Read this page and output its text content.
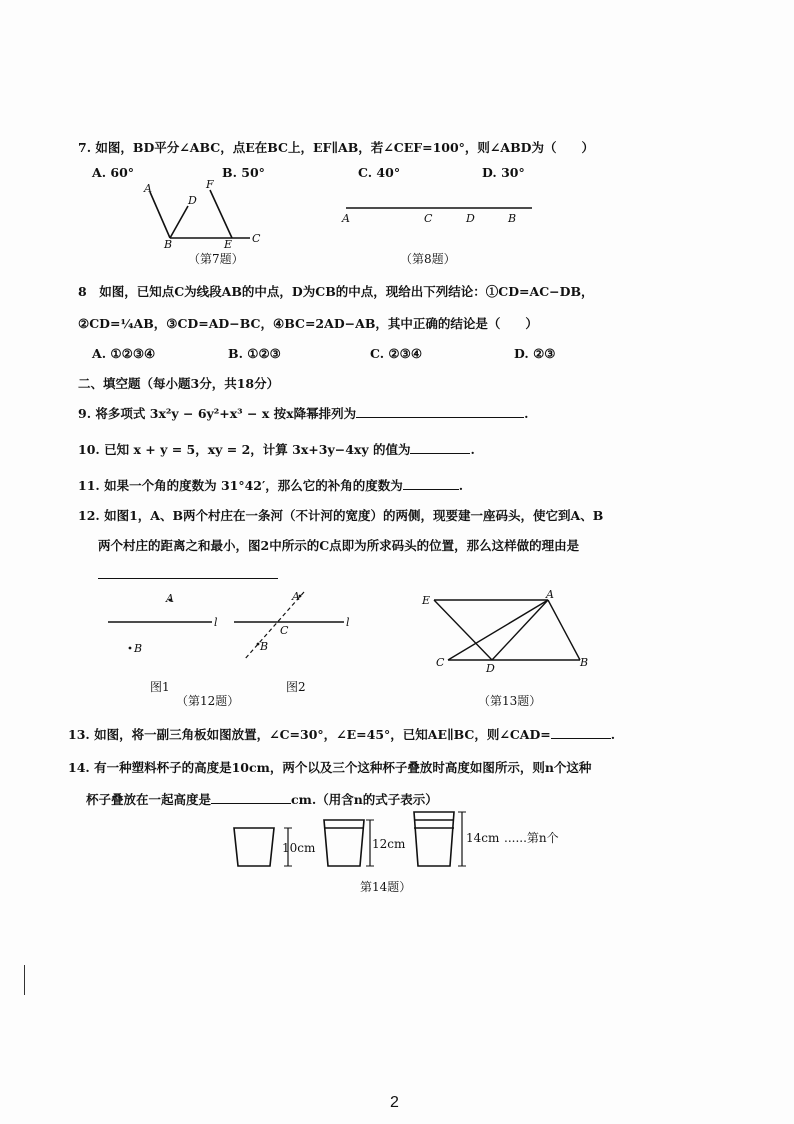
7. 如图，BD平分∠ABC，点E在BC上，EF∥AB，若∠CEF=100°，则∠ABD为（　　）
A. 60°	B. 50°	C. 40°	D. 30°
A
B
D
F
E C
（第7题）
A	C	D	B
（第8题）
8　如图，已知点C为线段AB的中点，D为CB的中点，现给出下列结论：①CD=AC−DB，
②CD=¼AB，③CD=AD−BC，④BC=2AD−AB，其中正确的结论是（　　）
A. ①②③④	B. ①②③	C. ②③④	D. ②③
二、填空题（每小题3分，共18分）
9. 将多项式 3x²y − 6y²+x³ − x 按x降幂排列为	.
10. 已知 x + y = 5，xy = 2，计算 3x+3y−4xy 的值为	.
11. 如果一个角的度数为 31°42′，那么它的补角的度数为	.
12. 如图1，A、B两个村庄在一条河（不计河的宽度）的两侧，现要建一座码头，使它到A、B
两个村庄的距离之和最小，图2中所示的C点即为所求码头的位置，那么这样做的理由是
A
B
l
A
B
C
l
图1	图2
（第12题）
E	A
C	D	B
（第13题）
13. 如图，将一副三角板如图放置，∠C=30°，∠E=45°，已知AE∥BC，则∠CAD=	.
14. 有一种塑料杯子的高度是10cm，两个以及三个这种杯子叠放时高度如图所示，则n个这种
杯子叠放在一起高度是	cm.（用含n的式子表示）
10cm	12cm	14cm ......第n个
第14题）
2
